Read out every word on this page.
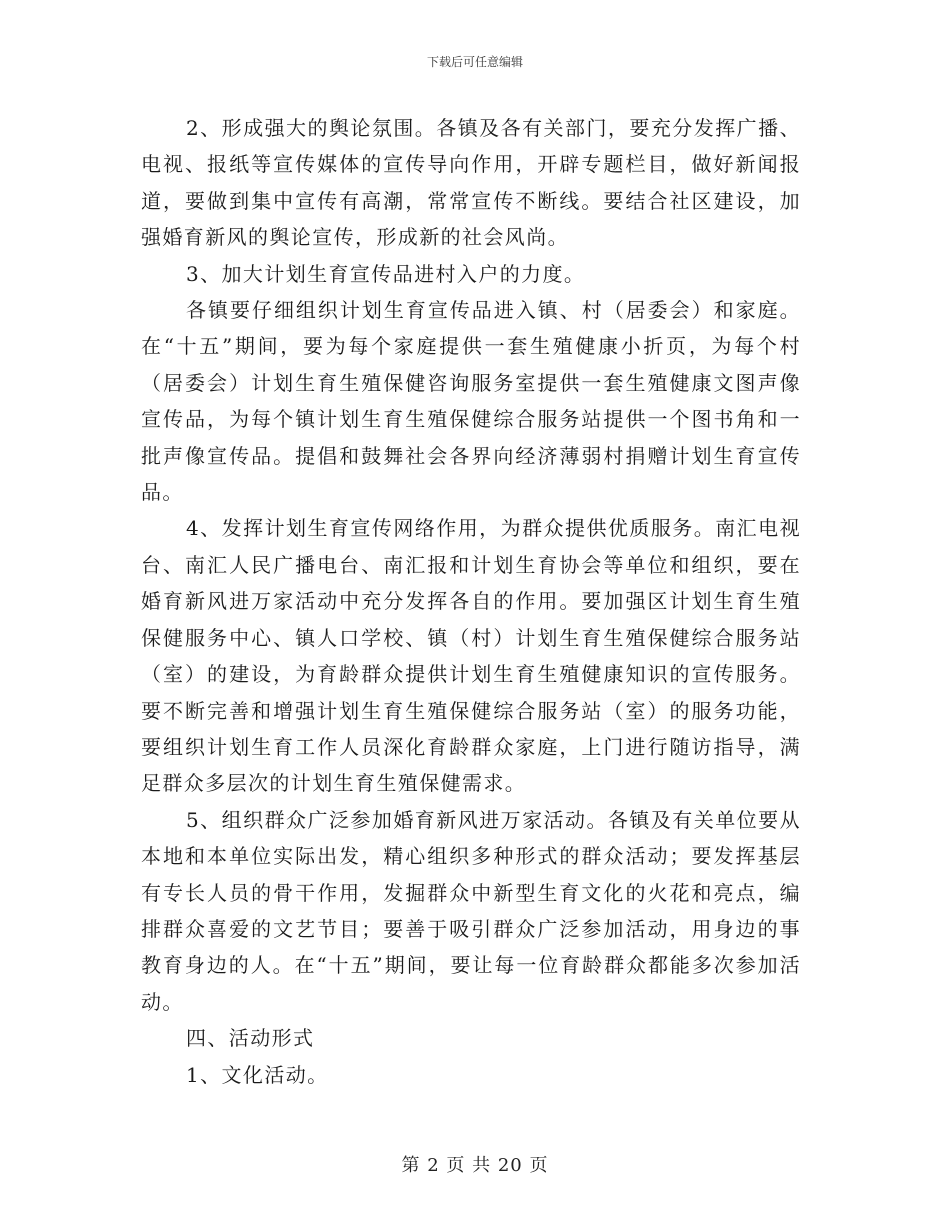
下载后可任意编辑

2、形成强大的舆论氛围。各镇及各有关部门，要充分发挥广播、电视、报纸等宣传媒体的宣传导向作用，开辟专题栏目，做好新闻报道，要做到集中宣传有高潮，常常宣传不断线。要结合社区建设，加强婚育新风的舆论宣传，形成新的社会风尚。

3、加大计划生育宣传品进村入户的力度。

各镇要仔细组织计划生育宣传品进入镇、村（居委会）和家庭。在“十五”期间，要为每个家庭提供一套生殖健康小折页，为每个村（居委会）计划生育生殖保健咨询服务室提供一套生殖健康文图声像宣传品，为每个镇计划生育生殖保健综合服务站提供一个图书角和一批声像宣传品。提倡和鼓舞社会各界向经济薄弱村捐赠计划生育宣传品。

4、发挥计划生育宣传网络作用，为群众提供优质服务。南汇电视台、南汇人民广播电台、南汇报和计划生育协会等单位和组织，要在婚育新风进万家活动中充分发挥各自的作用。要加强区计划生育生殖保健服务中心、镇人口学校、镇（村）计划生育生殖保健综合服务站（室）的建设，为育龄群众提供计划生育生殖健康知识的宣传服务。要不断完善和增强计划生育生殖保健综合服务站（室）的服务功能，要组织计划生育工作人员深化育龄群众家庭，上门进行随访指导，满足群众多层次的计划生育生殖保健需求。

5、组织群众广泛参加婚育新风进万家活动。各镇及有关单位要从本地和本单位实际出发，精心组织多种形式的群众活动；要发挥基层有专长人员的骨干作用，发掘群众中新型生育文化的火花和亮点，编排群众喜爱的文艺节目；要善于吸引群众广泛参加活动，用身边的事教育身边的人。在“十五”期间，要让每一位育龄群众都能多次参加活动。

四、活动形式

1、文化活动。

第 2 页 共 20 页
